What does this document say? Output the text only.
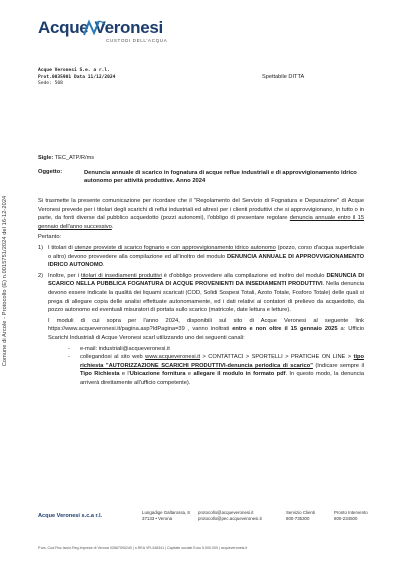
Comune di Arcole - Protocollo (E) n.0015751/2024 del 16-12-2024
Acque Veronesi
CUSTODI DELL'ACQUA
Acque Veronesi S.e. a r.l.
Prot.0035901 Data 11/12/2024
Sede: 508
Spettabile DITTA
Sigle: TEC_ATP/R/ms
Oggetto:	Denuncia annuale di scarico in fognatura di acque reflue industriali e di approvvigionamento idrico autonomo per attività produttive. Anno 2024

Si trasmette la presente comunicazione per ricordare che il "Regolamento del Servizio di Fognatura e Depurazione" di Acque Veronesi prevede per i titolari degli scarichi di reflui industriali ed altresì per i clienti produttivi che si approvvigionano, in tutto o in parte, da fonti diverse dal pubblico acquedotto (pozzi autonomi), l'obbligo di presentare regolare denuncia annuale entro il 15 gennaio dell'anno successivo.

Pertanto:

1) I titolari di utenze provviste di scarico fognario e con approvvigionamento idrico autonomo (pozzo, corso d'acqua superficiale o altro) devono provvedere alla compilazione ed all'inoltro del modulo DENUNCIA ANNUALE DI APPROVVIGIONAMENTO IDRICO AUTONOMO.
2) Inoltre, per i titolari di insediamenti produttivi è d'obbligo provvedere alla compilazione ed inoltro del modulo DENUNCIA DI SCARICO NELLA PUBBLICA FOGNATURA DI ACQUE PROVENIENTI DA INSEDIAMENTI PRODUTTIVI. Nella denuncia devono essere indicate la qualità dei liquami scaricati (COD, Solidi Sospesi Totali, Azoto Totale, Fosforo Totale) delle quali si prega di allegare copia delle analisi effettuate autonomamente, ed i dati relativi ai contatori di prelievo da acquedotto, da pozzo autonomo ed eventuali misuratori di portata sullo scarico (matricole, date lettura e letture).

I moduli di cui sopra per l'anno 2024, disponibili sul sito di Acque Veronesi al seguente link https://www.acqueveronesi.it/pagina.asp?IdPagina=39 , vanno inoltrati entro e non oltre il 15 gennaio 2025 a: Ufficio Scarichi Industriali di Acque Veronesi scarl utilizzando uno dei seguenti canali:

-	e-mail: industriali@acqueveronesi.it
-	collegandosi al sito web www.acqueveronesi.it > CONTATTACI > SPORTELLI > PRATICHE ON LINE > tipo richiesta "AUTORIZZAZIONE SCARICHI PRODUTTIVI-denuncia periodica di scarico" (Indicare sempre il Tipo Richiesta e l'Ubicazione fornitura e allegare il modulo in formato pdf. In questo modo, la denuncia arriverà direttamente all'ufficio competente).
Acque Veronesi s.c.a r.l.
Lungadige Galtarossa, 8
37133 • Verona
protocollo@acqueveronesi.it
protocollo@pec.acqueveronesi.it
Servizio Clienti
800-735300
Pronto Intervento
800-234500
P.iva, Cod.Fisc.Iscriz.Reg.Imprese di Verona 03567090240 | n.REA VR-348341 | Capitale sociale Euro 5.000.000 | acqueveronesi.it
